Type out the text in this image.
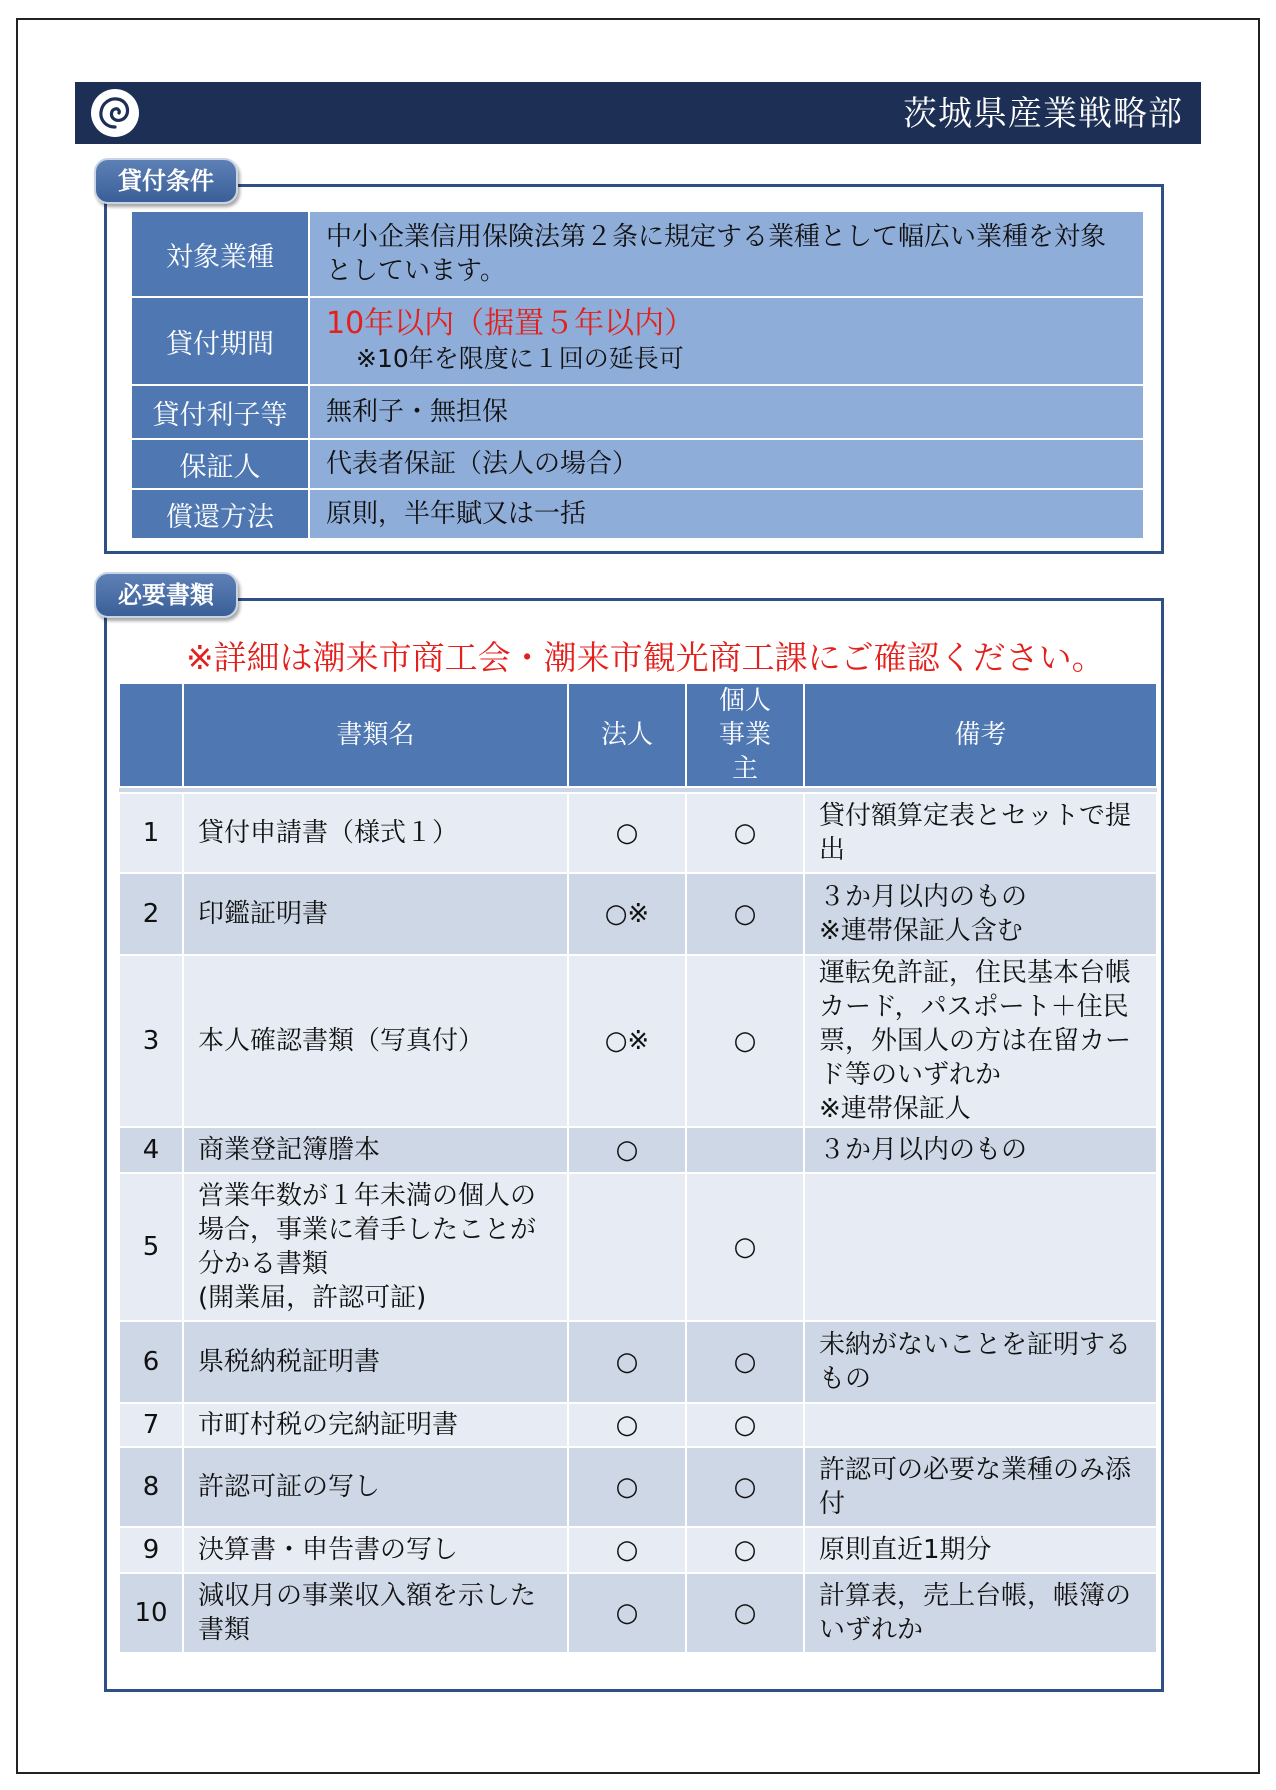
茨城県産業戦略部
貸付条件
対象業種	中小企業信用保険法第２条に規定する業種として幅広い業種を対象としています。
貸付期間	10年以内（据置５年以内）
※10年を限度に１回の延長可

貸付利子等	無利子・無担保
保証人	代表者保証（法人の場合）
償還方法	原則，半年賦又は一括
必要書類
※詳細は潮来市商工会・潮来市観光商工課にご確認ください。
	書類名	法人	個人事業主	備考

1	貸付申請書（様式１）	○	○	貸付額算定表とセットで提出
2	印鑑証明書	○※	○	３か月以内のもの
※連帯保証人含む
3	本人確認書類（写真付）	○※	○	運転免許証，住民基本台帳カード，パスポート＋住民票，外国人の方は在留カード等のいずれか
※連帯保証人
4	商業登記簿謄本	○		３か月以内のもの
5	営業年数が１年未満の個人の場合，事業に着手したことが分かる書類
(開業届，許認可証)		○	
6	県税納税証明書	○	○	未納がないことを証明するもの
7	市町村税の完納証明書	○	○	
8	許認可証の写し	○	○	許認可の必要な業種のみ添付
9	決算書・申告書の写し	○	○	原則直近1期分
10	減収月の事業収入額を示した書類	○	○	計算表，売上台帳，帳簿のいずれか
